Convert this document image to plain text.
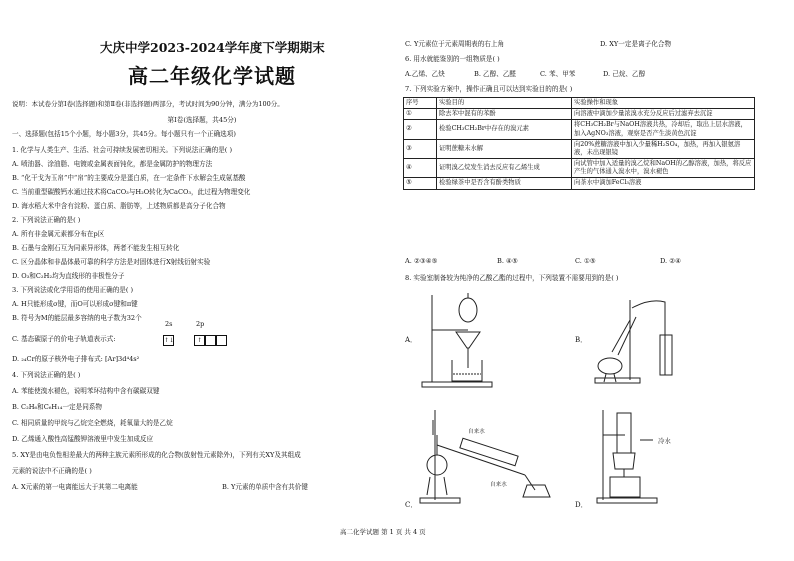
大庆中学2023-2024学年度下学期期末
高二年级化学试题
说明：本试卷分第Ⅰ卷(选择题)和第Ⅱ卷(非选择题)两部分，考试时间为90分钟，满分为100分。
第Ⅰ卷(选择题，共45分)
一、选择题(包括15个小题，每小题3分，共45分。每小题只有一个正确选项)
1. 化学与人类生产、生活、社会可持续发展密切相关。下列说法正确的是( )
A. 喷油器、涂油脂、电镀或金属表面钝化，都是金属防护的物理方法
B. “化干戈为玉帛”中“帛”的主要成分是蛋白质，在一定条件下水解会生成氨基酸
C. 当前重型碳酸钙水通过技术将CaCO₃与H₂O转化为CaCO₃，此过程为物理变化
D. 海水稻大米中含有淀粉、蛋白质、脂肪等，上述物质都是高分子化合物
2. 下列说法正确的是( )
A. 所有非金属元素都分布在p区
B. 石墨与金刚石互为同素异形体，两者不能发生相互转化
C. 区分晶体和非晶体最可靠的科学方法是对固体进行X射线衍射实验
D. O₃和C₂H₂均为直线形的非极性分子
3. 下列说法或化学用语的使用正确的是( )
A. H只能形成σ键，而O可以形成σ键和π键
B. 符号为M的能层最多容纳的电子数为32个
C. 基态碳原子的价电子轨道表示式:
2s	2p
↑↓	↑
D. ₂₄Cr的原子核外电子排布式: [Ar]3d⁴4s²
4. 下列说法正确的是( )
A. 苯能使溴水褪色，说明苯环结构中含有碳碳双键
B. C₂H₆和C₆H₁₄一定是同系物
C. 相同质量的甲烷与乙烷完全燃烧，耗氧量大的是乙烷
D. 乙烯通入酸性高锰酸钾溶液里中发生加成反应
5. XY是由电负性相差最大的两种主族元素所形成的化合物(放射性元素除外)，下列有关XY及其组成
元素的说法中不正确的是( )
A. X元素的第一电离能远大于其第二电离能	B. Y元素的单质中含有共价键
C. Y元素位于元素周期表的右上角	D. XY一定是离子化合物
6. 用水就能鉴别的一组物质是( )
A.乙烯、乙炔	B. 乙醇、乙醛	C. 苯、甲苯	D. 己烷、乙醇
7. 下列实验方案中，操作正确且可以达到实验目的的是( )
序号	实验目的	实验操作和现象
①	除去苯中混有的苯酚	向溶液中滴加少量浓溴水充分反应后过滤弃去沉淀
②	检验CH₃CH₂Br中存在的溴元素	将CH₃CH₂Br与NaOH溶液共热，冷却后，取出上层水溶液，加入AgNO₃溶液，观察是否产生淡黄色沉淀
③	证明蔗糖未水解	向20%蔗糖溶液中加入少量稀H₂SO₄，加热，再加入银氨溶液，未出现银镜
④	证明溴乙烷发生消去反应有乙烯生成	向试管中加入适量的溴乙烷和NaOH的乙醇溶液，加热，将反应产生的气体通入溴水中，溴水褪色
⑤	检验绿茶中是否含有酚类物质	向茶水中滴加FeCl₃溶液
A. ②③④⑤	B. ④⑤	C. ①⑤	D. ②④
8. 实验室制备较为纯净的乙酸乙酯的过程中，下列装置不需要用到的是( )
A．	B．
C．	D．
自来水
自来水
冷水
高二化学试题 第 1 页 共 4 页
